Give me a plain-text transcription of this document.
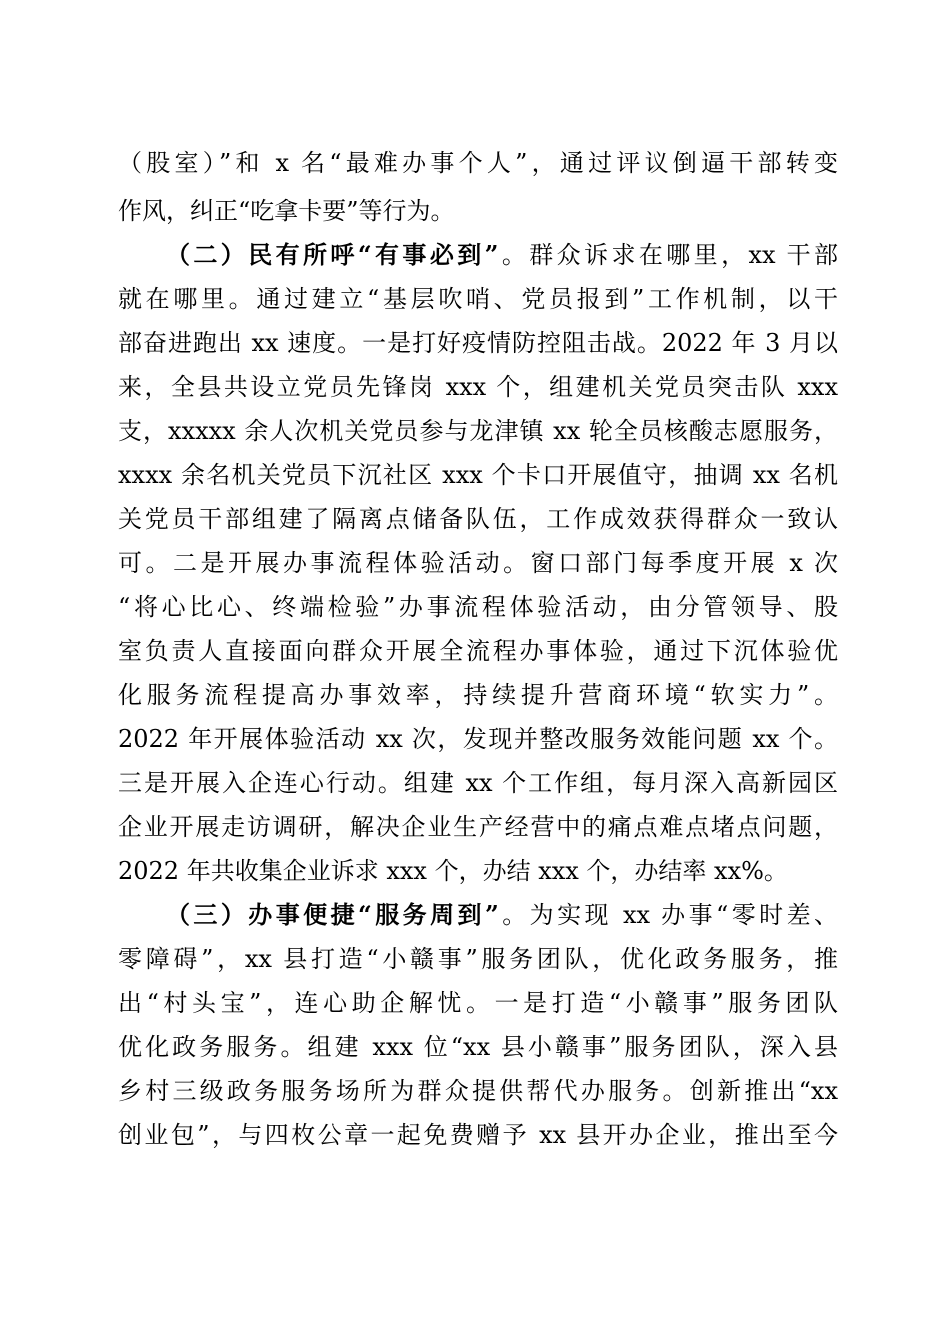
（股室）”和 x 名“最难办事个人”，通过评议倒逼干部转变
作风，纠正“吃拿卡要”等行为。
（二）民有所呼“有事必到”。群众诉求在哪里，xx 干部
就在哪里。通过建立“基层吹哨、党员报到”工作机制，以干
部奋进跑出 xx 速度。一是打好疫情防控阻击战。2022 年 3 月以
来，全县共设立党员先锋岗 xxx 个，组建机关党员突击队 xxx
支，xxxxx 余人次机关党员参与龙津镇 xx 轮全员核酸志愿服务，
xxxx 余名机关党员下沉社区 xxx 个卡口开展值守，抽调 xx 名机
关党员干部组建了隔离点储备队伍，工作成效获得群众一致认
可。二是开展办事流程体验活动。窗口部门每季度开展 x 次
“将心比心、终端检验”办事流程体验活动，由分管领导、股
室负责人直接面向群众开展全流程办事体验，通过下沉体验优
化服务流程提高办事效率，持续提升营商环境“软实力”。
2022 年开展体验活动 xx 次，发现并整改服务效能问题 xx 个。
三是开展入企连心行动。组建 xx 个工作组，每月深入高新园区
企业开展走访调研，解决企业生产经营中的痛点难点堵点问题，
2022 年共收集企业诉求 xxx 个，办结 xxx 个，办结率 xx%。
（三）办事便捷“服务周到”。为实现 xx 办事“零时差、
零障碍”，xx 县打造“小赣事”服务团队，优化政务服务，推
出“村头宝”，连心助企解忧。一是打造“小赣事”服务团队
优化政务服务。组建 xxx 位“xx 县小赣事”服务团队，深入县
乡村三级政务服务场所为群众提供帮代办服务。创新推出“xx
创业包”，与四枚公章一起免费赠予 xx 县开办企业，推出至今
